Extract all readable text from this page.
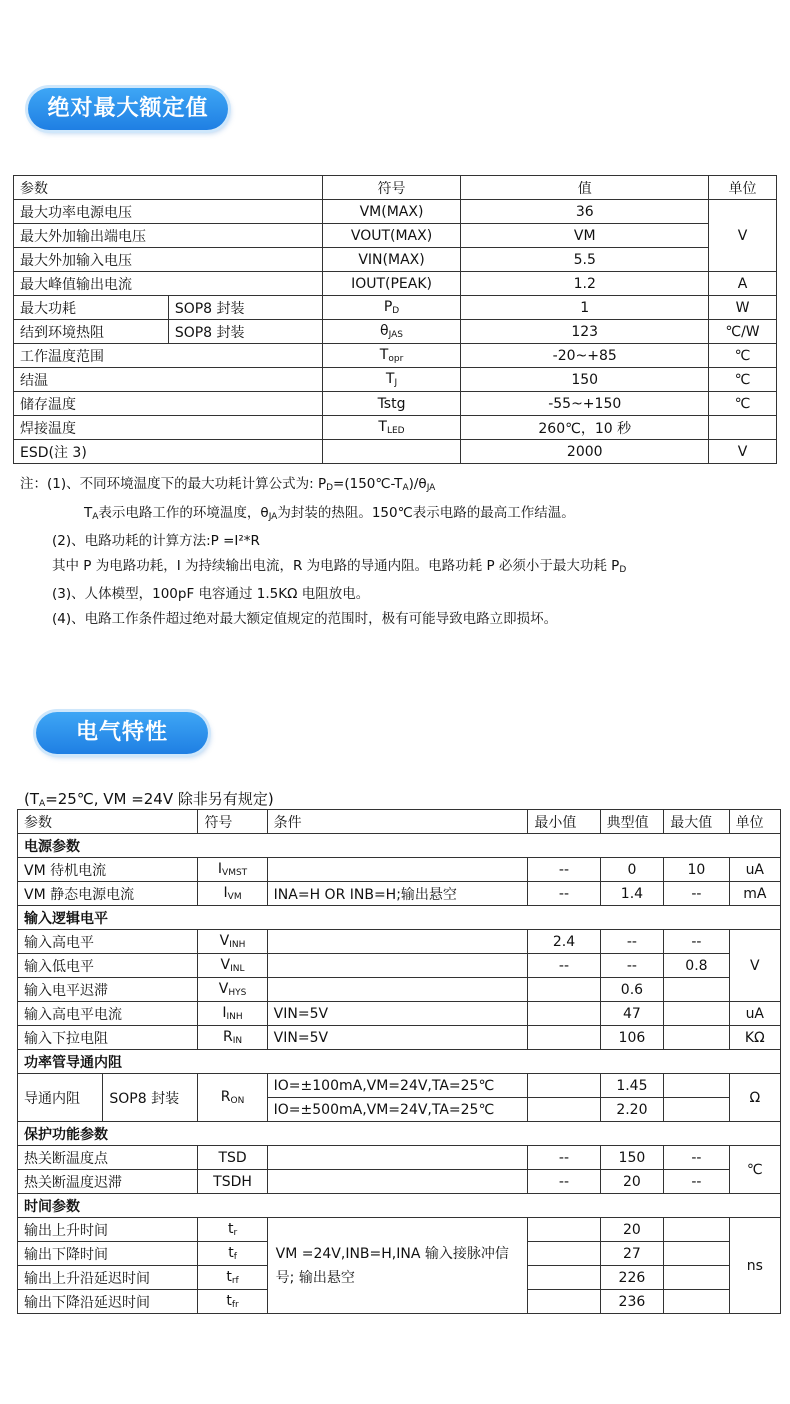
绝对最大额定值
参数		符号	值	单位
最大功率电源电压		VM(MAX)	36	V
最大外加输出端电压		VOUT(MAX)	VM	
最大外加输入电压		VIN(MAX)	5.5	
最大峰值输出电流		IOUT(PEAK)	1.2	A
最大功耗	SOP8 封装	$P_D$	1	W
结到环境热阻	SOP8 封装	$\theta_{JAS}$	123	℃/W
工作温度范围		$T_{opr}$	-20~+85	℃
结温		$T_J$	150	℃
储存温度		Tstg	-55~+150	℃
焊接温度		$T_{LED}$	260℃，10 秒	
ESD(注 3)			2000	V
注：(1)、不同环境温度下的最大功耗计算公式为: $P_D=(150℃-T_A)/\theta_{JA}$
$T_A$表示电路工作的环境温度，$\theta_{JA}$为封装的热阻。150℃表示电路的最高工作结温。
(2)、电路功耗的计算方法:P =I²*R
其中 P 为电路功耗，I 为持续输出电流，R 为电路的导通内阻。电路功耗 P 必须小于最大功耗 $P_D$
(3)、人体模型，100pF 电容通过 1.5KΩ 电阻放电。
(4)、电路工作条件超过绝对最大额定值规定的范围时，极有可能导致电路立即损坏。
电气特性
($T_A=25℃$, VM =24V 除非另有规定)
参数		符号	条件	最小值	典型值	最大值	单位
电源参数							
VM 待机电流		$I_{VMST}$		--	0	10	uA
VM 静态电源电流		$I_{VM}$	INA=H OR INB=H;输出悬空	--	1.4	--	mA
输入逻辑电平							
输入高电平		$V_{INH}$		2.4	--	--	V
输入低电平		$V_{INL}$		--	--	0.8	
输入电平迟滞		$V_{HYS}$			0.6		
输入高电平电流		$I_{INH}$	VIN=5V		47		uA
输入下拉电阻		$R_{IN}$	VIN=5V		106		KΩ
功率管导通内阻							
导通内阻	SOP8 封装	$R_{ON}$	IO=±100mA,VM=24V,TA=25℃		1.45		Ω
			IO=±500mA,VM=24V,TA=25℃		2.20		
保护功能参数							
热关断温度点		TSD		--	150	--	℃
热关断温度迟滞		TSDH		--	20	--	
时间参数							
输出上升时间		$t_r$	VM =24V,INB=H,INA 输入接脉冲信号; 输出悬空		20		ns
输出下降时间		$t_f$			27		
输出上升沿延迟时间		$t_{rf}$			226		
输出下降沿延迟时间		$t_{fr}$			236		
